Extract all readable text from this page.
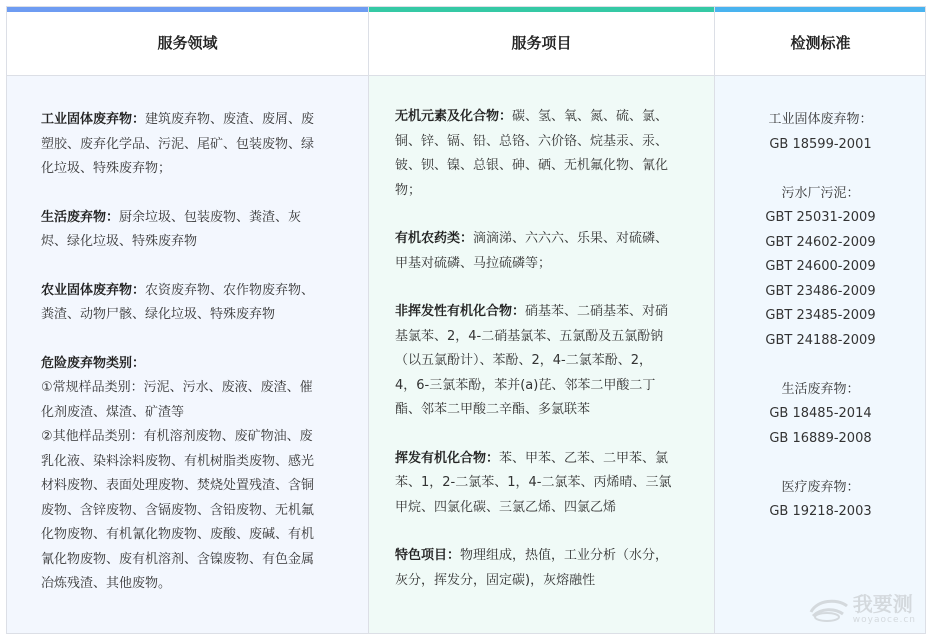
服务领域
工业固体废弃物：建筑废弃物、废渣、废屑、废
塑胶、废弃化学品、污泥、尾矿、包装废物、绿
化垃圾、特殊废弃物；
生活废弃物：厨余垃圾、包装废物、粪渣、灰
烬、绿化垃圾、特殊废弃物
农业固体废弃物：农资废弃物、农作物废弃物、
粪渣、动物尸骸、绿化垃圾、特殊废弃物
危险废弃物类别：
①常规样品类别：污泥、污水、废液、废渣、催
化剂废渣、煤渣、矿渣等
②其他样品类别：有机溶剂废物、废矿物油、废
乳化液、染料涂料废物、有机树脂类废物、感光
材料废物、表面处理废物、焚烧处置残渣、含铜
废物、含锌废物、含镉废物、含铅废物、无机氟
化物废物、有机氰化物废物、废酸、废碱、有机
氰化物废物、废有机溶剂、含镍废物、有色金属
冶炼残渣、其他废物。
服务项目
无机元素及化合物：碳、氢、氧、氮、硫、氯、
铜、锌、镉、铅、总铬、六价铬、烷基汞、汞、
铍、钡、镍、总银、砷、硒、无机氟化物、氰化
物；
有机农药类：滴滴涕、六六六、乐果、对硫磷、
甲基对硫磷、马拉硫磷等；
非挥发性有机化合物：硝基苯、二硝基苯、对硝
基氯苯、2，4-二硝基氯苯、五氯酚及五氯酚钠
（以五氯酚计）、苯酚、2，4-二氯苯酚、2，
4，6-三氯苯酚，苯并(a)芘、邻苯二甲酸二丁
酯、邻苯二甲酸二辛酯、多氯联苯
挥发有机化合物：苯、甲苯、乙苯、二甲苯、氯
苯、1，2-二氯苯、1，4-二氯苯、丙烯晴、三氯
甲烷、四氯化碳、三氯乙烯、四氯乙烯
特色项目：物理组成，热值，工业分析（水分，
灰分，挥发分，固定碳)，灰熔融性
检测标准
工业固体废弃物：
GB 18599-2001
污水厂污泥：
GBT 25031-2009
GBT 24602-2009
GBT 24600-2009
GBT 23486-2009
GBT 23485-2009
GBT 24188-2009
生活废弃物：
GB 18485-2014
GB 16889-2008
医疗废弃物：
GB 19218-2003
我要测
woyaoce.cn
